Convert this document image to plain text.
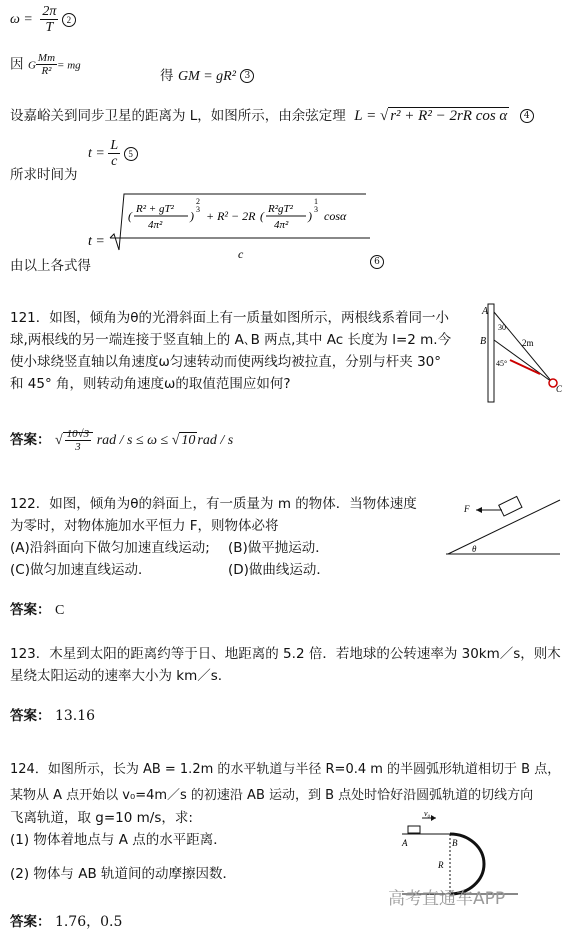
$\omega = \frac{2\pi}{T} 2$
因 G $\frac{Mm}{\text{R²}}$ = mg
得 GM = gR² 3
设嘉峪关到同步卫星的距离为 L，如图所示，由余弦定理 L = √ r² + R² − 2rR cos α 4
$t = \frac{L}{c} 5$
所求时间为
t =
( R² + gT²
4π²
)
2
3 + R² − 2R ( R²gT²
4π²
)
1
3 cosα
c
由以上各式得	6
121．如图，倾角为θ的光滑斜面上有一质量如图所示，两根线系着同一小
球,两根线的另一端连接于竖直轴上的 A､B 两点,其中 Ac 长度为 l=2 m.今
使小球绕竖直轴以角速度ω匀速转动而使两线均被拉直，分别与杆夹 30°
和 45° 角，则转动角速度ω的取值范围应如何?
A
B
30
45°
2m
C
答案： √ $\frac{10√3}{3}$ rad / s ≤ ω ≤ √ 10 rad / s
122．如图，倾角为θ的斜面上，有一质量为 m 的物体．当物体速度
为零时，对物体施加水平恒力 F，则物体必将
(A)沿斜面向下做匀加速直线运动; (B)做平抛运动．
(C)做匀加速直线运动．	(D)做曲线运动．
F
θ
答案： C
123．木星到太阳的距离约等于日、地距离的 5.2 倍．若地球的公转速率为 30km／s，则木
星绕太阳运动的速率大小为 km／s.
答案： 13.16
124．如图所示，长为 AB = 1.2m 的水平轨道与半径 R=0.4 m 的半圆弧形轨道相切于 B 点，
某物从 A 点开始以 v₀=4m／s 的初速沿 AB 运动，到 B 点处时恰好沿圆弧轨道的切线方向
飞离轨道，取 g=10 m/s，求:
(1) 物体着地点与 A 点的水平距离．
(2) 物体与 AB 轨道间的动摩擦因数．
v₀
A	B
R
高考直通车APP
答案： 1.76，0.5
